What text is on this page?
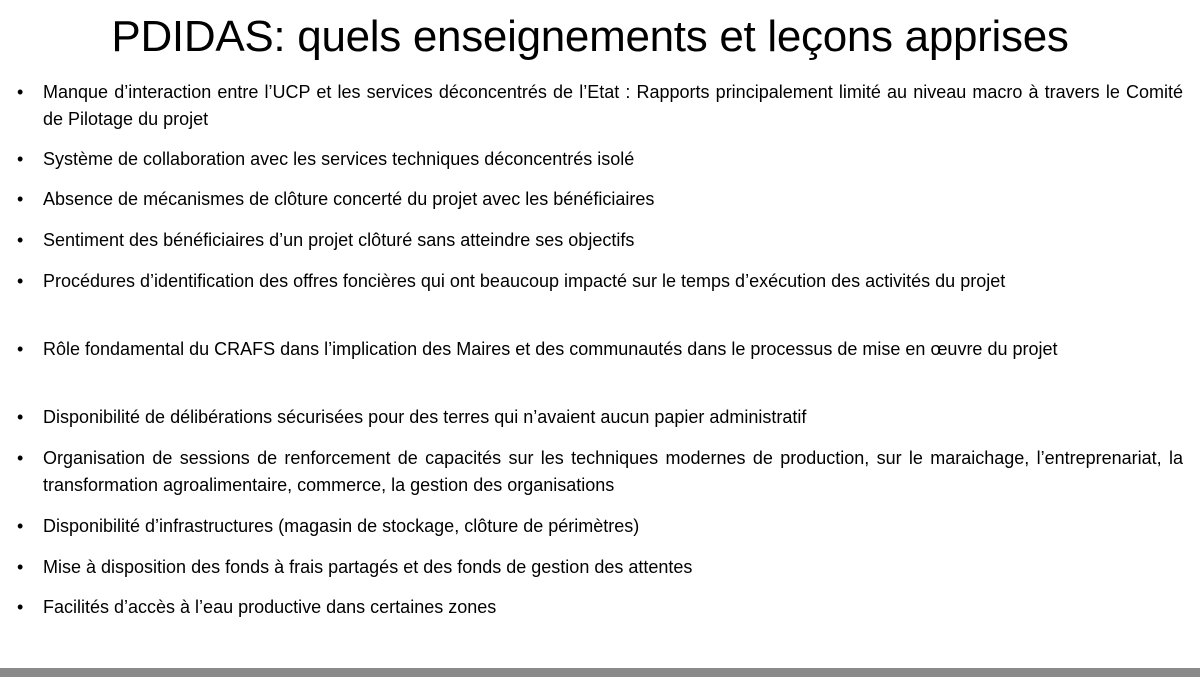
PDIDAS: quels enseignements et leçons apprises
• Manque d’interaction entre l’UCP et les services déconcentrés de l’Etat : Rapports principalement limité au niveau macro à travers le Comité de Pilotage du projet
• Système de collaboration avec les services techniques déconcentrés isolé
• Absence de mécanismes de clôture concerté du projet avec les bénéficiaires
• Sentiment des bénéficiaires d’un projet clôturé sans atteindre ses objectifs
• Procédures d’identification des offres foncières qui ont beaucoup impacté sur le temps d’exécution des activités du projet
• Rôle fondamental du CRAFS dans l’implication des Maires et des communautés dans le processus de mise en œuvre du projet
• Disponibilité de délibérations sécurisées pour des terres qui n’avaient aucun papier administratif
• Organisation de sessions de renforcement de capacités sur les techniques modernes de production, sur le maraichage, l’entreprenariat, la transformation agroalimentaire, commerce, la gestion des organisations
• Disponibilité d’infrastructures (magasin de stockage, clôture de périmètres)
• Mise à disposition des fonds à frais partagés et des fonds de gestion des attentes
• Facilités d’accès à l’eau productive dans certaines zones
